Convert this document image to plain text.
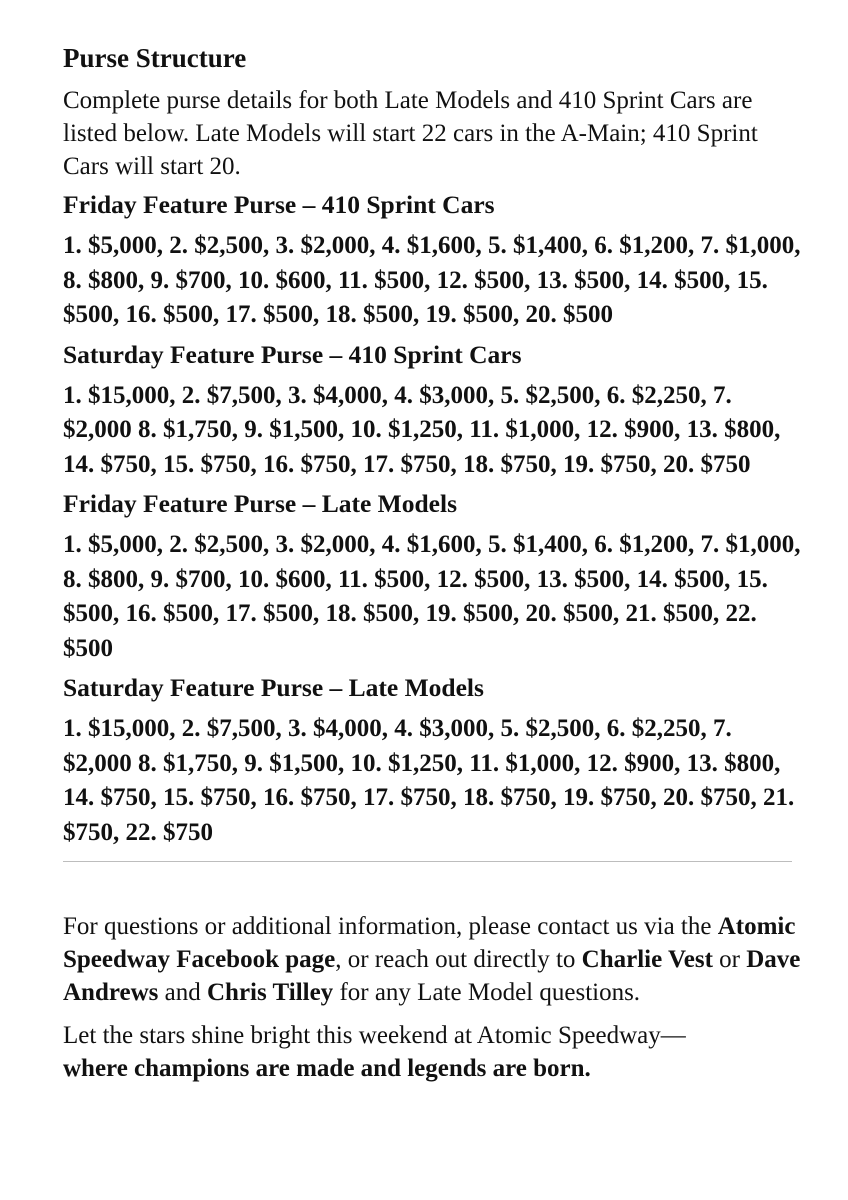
Purse Structure

Complete purse details for both Late Models and 410 Sprint Cars are listed below. Late Models will start 22 cars in the A-Main; 410 Sprint Cars will start 20.

Friday Feature Purse – 410 Sprint Cars

1. $5,000, 2. $2,500, 3. $2,000, 4. $1,600, 5. $1,400, 6. $1,200, 7. $1,000, 8. $800, 9. $700, 10. $600, 11. $500, 12. $500, 13. $500, 14. $500, 15. $500, 16. $500, 17. $500, 18. $500, 19. $500, 20. $500

Saturday Feature Purse – 410 Sprint Cars

1. $15,000, 2. $7,500, 3. $4,000, 4. $3,000, 5. $2,500, 6. $2,250, 7. $2,000 8. $1,750, 9. $1,500, 10. $1,250, 11. $1,000, 12. $900, 13. $800, 14. $750, 15. $750, 16. $750, 17. $750, 18. $750, 19. $750, 20. $750

Friday Feature Purse – Late Models

1. $5,000, 2. $2,500, 3. $2,000, 4. $1,600, 5. $1,400, 6. $1,200, 7. $1,000, 8. $800, 9. $700, 10. $600, 11. $500, 12. $500, 13. $500, 14. $500, 15. $500, 16. $500, 17. $500, 18. $500, 19. $500, 20. $500, 21. $500, 22. $500

Saturday Feature Purse – Late Models

1. $15,000, 2. $7,500, 3. $4,000, 4. $3,000, 5. $2,500, 6. $2,250, 7. $2,000 8. $1,750, 9. $1,500, 10. $1,250, 11. $1,000, 12. $900, 13. $800, 14. $750, 15. $750, 16. $750, 17. $750, 18. $750, 19. $750, 20. $750, 21. $750, 22. $750

For questions or additional information, please contact us via the Atomic Speedway Facebook page, or reach out directly to Charlie Vest or Dave Andrews and Chris Tilley for any Late Model questions.

Let the stars shine bright this weekend at Atomic Speedway—
where champions are made and legends are born.
